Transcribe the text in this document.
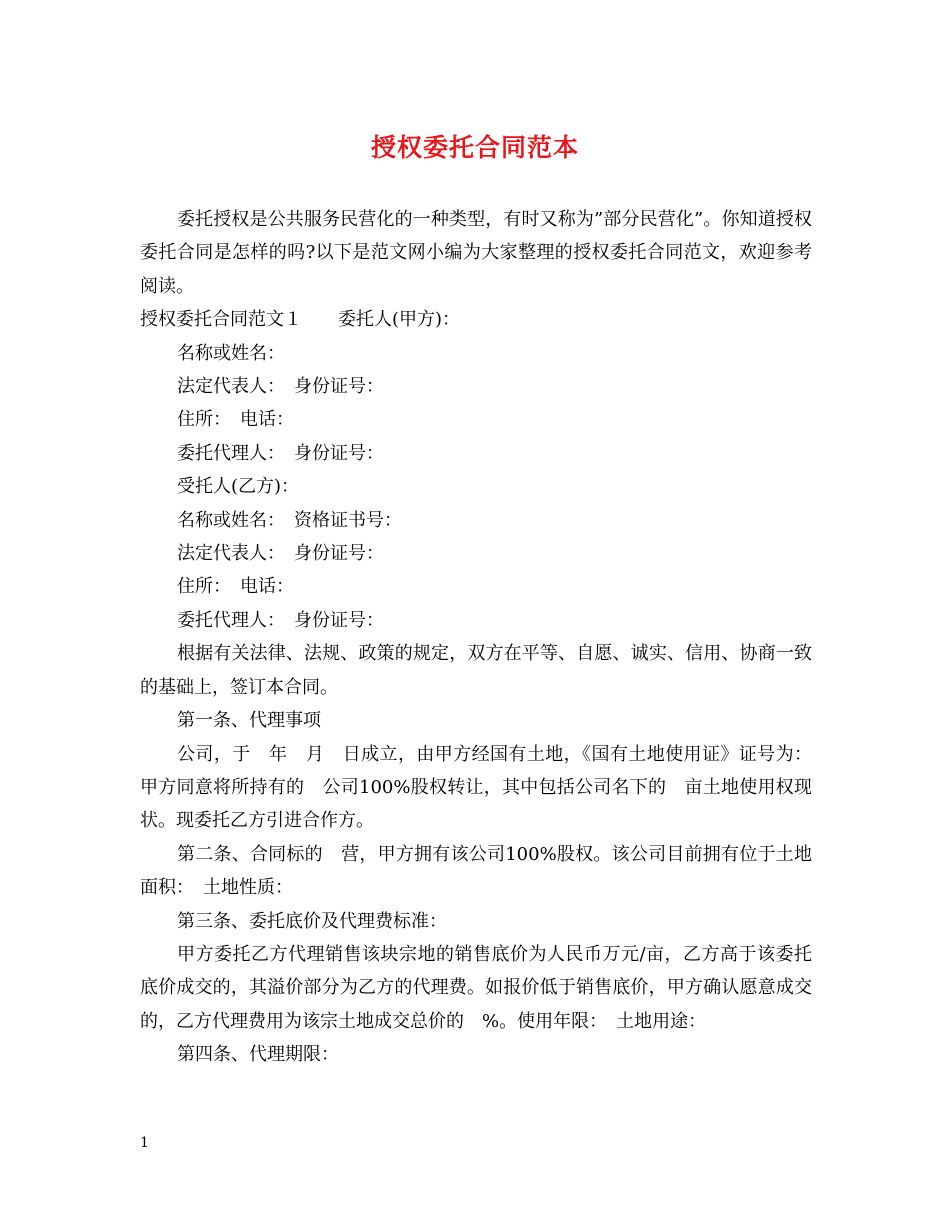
授权委托合同范本

委托授权是公共服务民营化的一种类型，有时又称为”部分民营化”。你知道授权委托合同是怎样的吗?以下是范文网小编为大家整理的授权委托合同范文，欢迎参考阅读。

授权委托合同范文１　　委托人(甲方)：

名称或姓名：

法定代表人：　身份证号：

住所：　电话：

委托代理人：　身份证号：

受托人(乙方)：

名称或姓名：　资格证书号：

法定代表人：　身份证号：

住所：　电话：

委托代理人：　身份证号：

根据有关法律、法规、政策的规定，双方在平等、自愿、诚实、信用、协商一致的基础上，签订本合同。

第一条、代理事项

公司，于　年　月　日成立，由甲方经国有土地，《国有土地使用证》证号为：甲方同意将所持有的　公司100%股权转让，其中包括公司名下的　亩土地使用权现状。现委托乙方引进合作方。

第二条、合同标的　营，甲方拥有该公司100%股权。该公司目前拥有位于土地面积：　土地性质：

第三条、委托底价及代理费标准：

甲方委托乙方代理销售该块宗地的销售底价为人民币万元/亩，乙方高于该委托底价成交的，其溢价部分为乙方的代理费。如报价低于销售底价，甲方确认愿意成交的，乙方代理费用为该宗土地成交总价的　%。使用年限：　土地用途：

第四条、代理期限：

1
